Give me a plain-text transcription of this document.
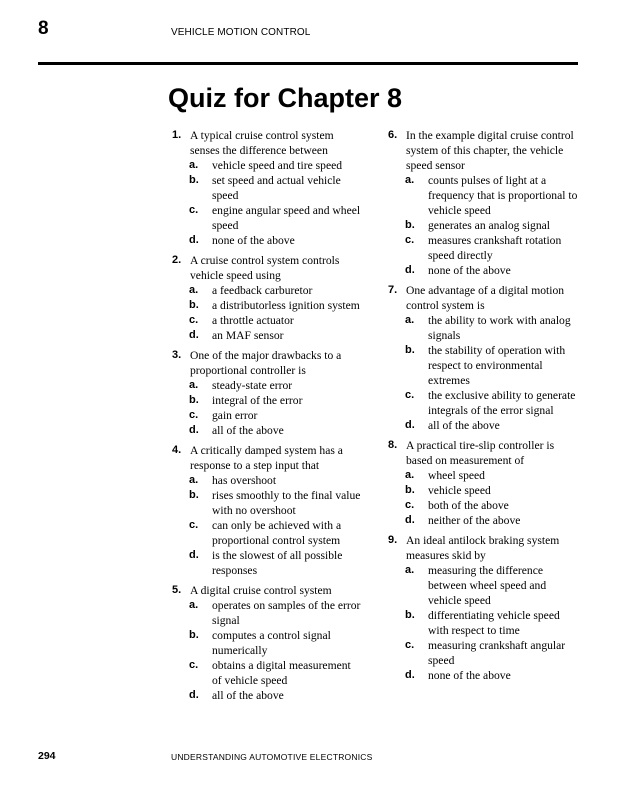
8	VEHICLE MOTION CONTROL
Quiz for Chapter 8
1. A typical cruise control system senses the difference between
a.	vehicle speed and tire speed
b.	set speed and actual vehicle speed
c.	engine angular speed and wheel speed
d.	none of the above
2. A cruise control system controls vehicle speed using
a.	a feedback carburetor
b.	a distributorless ignition system
c.	a throttle actuator
d.	an MAF sensor
3. One of the major drawbacks to a proportional controller is
a.	steady-state error
b.	integral of the error
c.	gain error
d.	all of the above
4. A critically damped system has a response to a step input that
a.	has overshoot
b.	rises smoothly to the final value with no overshoot
c.	can only be achieved with a proportional control system
d.	is the slowest of all possible responses
5. A digital cruise control system
a.	operates on samples of the error signal
b.	computes a control signal numerically
c.	obtains a digital measurement of vehicle speed
d.	all of the above
6. In the example digital cruise control system of this chapter, the vehicle speed sensor
a.	counts pulses of light at a frequency that is proportional to vehicle speed
b.	generates an analog signal
c.	measures crankshaft rotation speed directly
d.	none of the above
7. One advantage of a digital motion control system is
a.	the ability to work with analog signals
b.	the stability of operation with respect to environmental extremes
c.	the exclusive ability to generate integrals of the error signal
d.	all of the above
8. A practical tire-slip controller is based on measurement of
a.	wheel speed
b.	vehicle speed
c.	both of the above
d.	neither of the above
9. An ideal antilock braking system measures skid by
a.	measuring the difference between wheel speed and vehicle speed
b.	differentiating vehicle speed with respect to time
c.	measuring crankshaft angular speed
d.	none of the above
294	UNDERSTANDING AUTOMOTIVE ELECTRONICS
